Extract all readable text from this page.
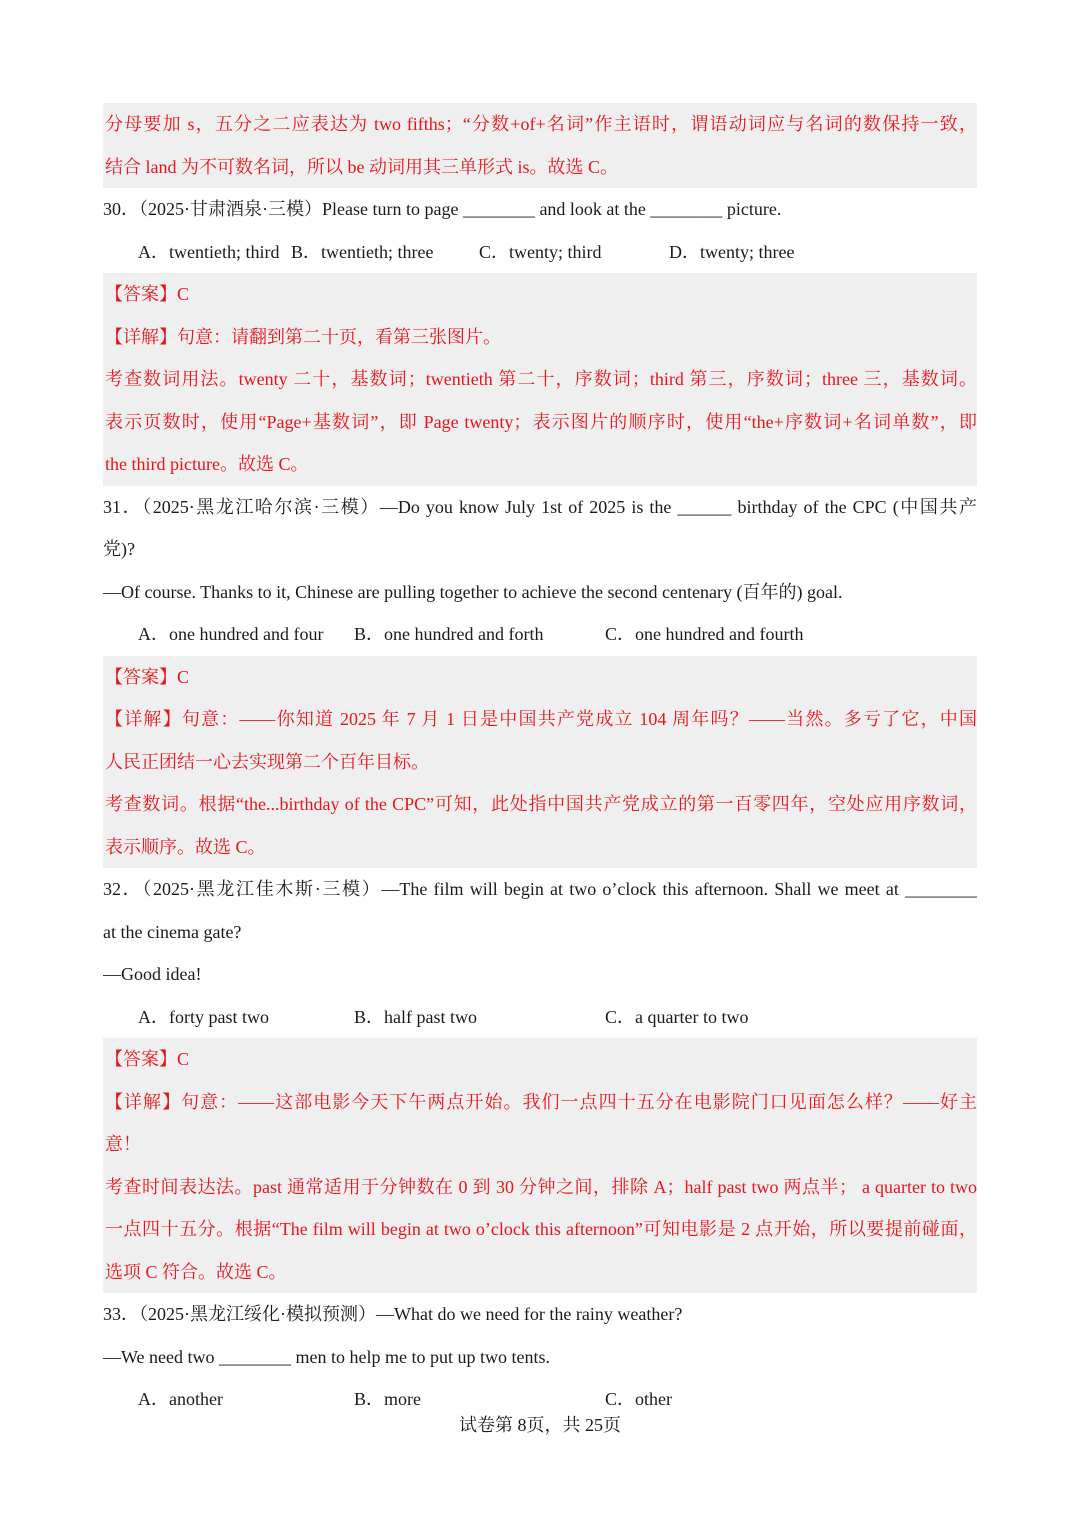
分母要加 s，五分之二应表达为 two fifths；“分数+of+名词”作主语时，谓语动词应与名词的数保持一致，
结合 land 为不可数名词，所以 be 动词用其三单形式 is。故选 C。
30．（2025·甘肃酒泉·三模）Please turn to page ________ and look at the ________ picture.
A．twentieth; third B．twentieth; three	C．twenty; third	D．twenty; three
【答案】C
【详解】句意：请翻到第二十页，看第三张图片。
考查数词用法。twenty 二十，基数词；twentieth 第二十，序数词；third 第三，序数词；three 三，基数词。
表示页数时，使用“Page+基数词”，即 Page twenty；表示图片的顺序时，使用“the+序数词+名词单数”，即
the third picture。故选 C。
31．（2025·黑龙江哈尔滨·三模）—Do you know July 1st of 2025 is the ______ birthday of the CPC (中国共产
党)?
—Of course. Thanks to it, Chinese are pulling together to achieve the second centenary (百年的) goal.
A．one hundred and four B．one hundred and forth	C．one hundred and fourth
【答案】C
【详解】句意：——你知道 2025 年 7 月 1 日是中国共产党成立 104 周年吗？——当然。多亏了它，中国
人民正团结一心去实现第二个百年目标。
考查数词。根据“the...birthday of the CPC”可知，此处指中国共产党成立的第一百零四年，空处应用序数词，
表示顺序。故选 C。
32．（2025·黑龙江佳木斯·三模）—The film will begin at two o’clock this afternoon. Shall we meet at ________
at the cinema gate?
—Good idea!
A．forty past two	B．half past two	C．a quarter to two
【答案】C
【详解】句意：——这部电影今天下午两点开始。我们一点四十五分在电影院门口见面怎么样？——好主
意！
考查时间表达法。past 通常适用于分钟数在 0 到 30 分钟之间，排除 A；half past two 两点半； a quarter to two
一点四十五分。根据“The film will begin at two o’clock this afternoon”可知电影是 2 点开始，所以要提前碰面，
选项 C 符合。故选 C。
33．（2025·黑龙江绥化·模拟预测）—What do we need for the rainy weather?
—We need two ________ men to help me to put up two tents.
A．another	B．more	C．other
试卷第 8页，共 25页
